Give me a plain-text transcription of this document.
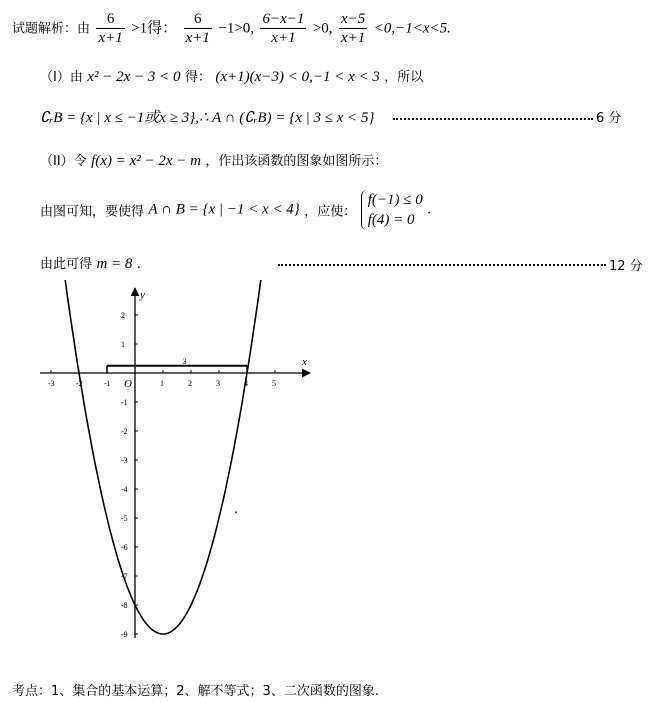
试题解析：由 $\frac{6}{x+1} >1$得： $\frac{6}{x+1} -1>0$, $\frac{6-x-1}{x+1} >0$, $\frac{x-5}{x+1} <0,-1<x<5$.
（I）由 x² − 2x − 3 < 0 得： (x+1)(x−3) < 0,−1 < x < 3 ，所以
∁ᵣB = {x | x ≤ −1或x ≥ 3},∴ A ∩ (∁ᵣB) = {x | 3 ≤ x < 5}	6 分
（II）令 f(x) = x² − 2x − m ，作出该函数的图象如图所示：
由图可知，要使得 A ∩ B = {x | −1 < x < 4} ，应使：
f(−1) ≤ 0
f(4) = 0
.
由此可得 m = 8 .	12 分
x
y
O
-3	-2	-1	1	2	3	4	5
2
1
-1
-2
-3
-4
-5
-6
-7
-8
-9
3
考点：1、集合的基本运算；2、解不等式；3、二次函数的图象.
